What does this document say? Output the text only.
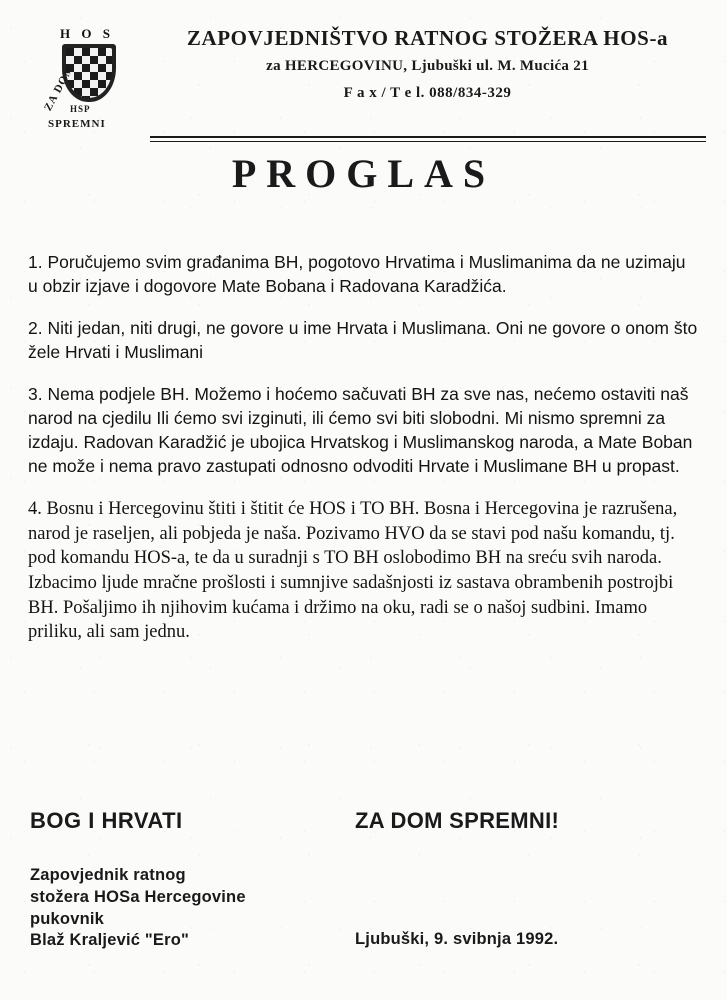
H O S
HSP
ZA DOM
SPREMNI
ZAPOVJEDNIŠTVO RATNOG STOŽERA HOS-a
za HERCEGOVINU, Ljubuški ul. M. Mucića 21
F a x / T e l. 088/834-329
PROGLAS

1. Poručujemo svim građanima BH, pogotovo Hrvatima i Muslimanima da ne uzimaju u obzir izjave i dogovore Mate Bobana i Radovana Karadžića.

2. Niti jedan, niti drugi, ne govore u ime Hrvata i Muslimana. Oni ne govore o onom što žele Hrvati i Muslimani

3. Nema podjele BH. Možemo i hoćemo sačuvati BH za sve nas, nećemo ostaviti naš narod na cjedilu Ili ćemo svi izginuti, ili ćemo svi biti slobodni. Mi nismo spremni za izdaju. Radovan Karadžić je ubojica Hrvatskog i Muslimanskog naroda, a Mate Boban ne može i nema pravo zastupati odnosno odvoditi Hrvate i Muslimane BH u propast.

4. Bosnu i Hercegovinu štiti i štitit će HOS i TO BH. Bosna i Hercegovina je razrušena, narod je raseljen, ali pobjeda je naša. Pozivamo HVO da se stavi pod našu komandu, tj. pod komandu HOS-a, te da u suradnji s TO BH oslobodimo BH na sreću svih naroda. Izbacimo ljude mračne prošlosti i sumnjive sadašnjosti iz sastava obrambenih postrojbi BH. Pošaljimo ih njihovim kućama i držimo na oku, radi se o našoj sudbini. Imamo priliku, ali sam jednu.

BOG I HRVATI	ZA DOM SPREMNI!
Zapovjednik ratnog
stožera HOSa Hercegovine
pukovnik
Blaž Kraljević "Ero"	Ljubuški, 9. svibnja 1992.
